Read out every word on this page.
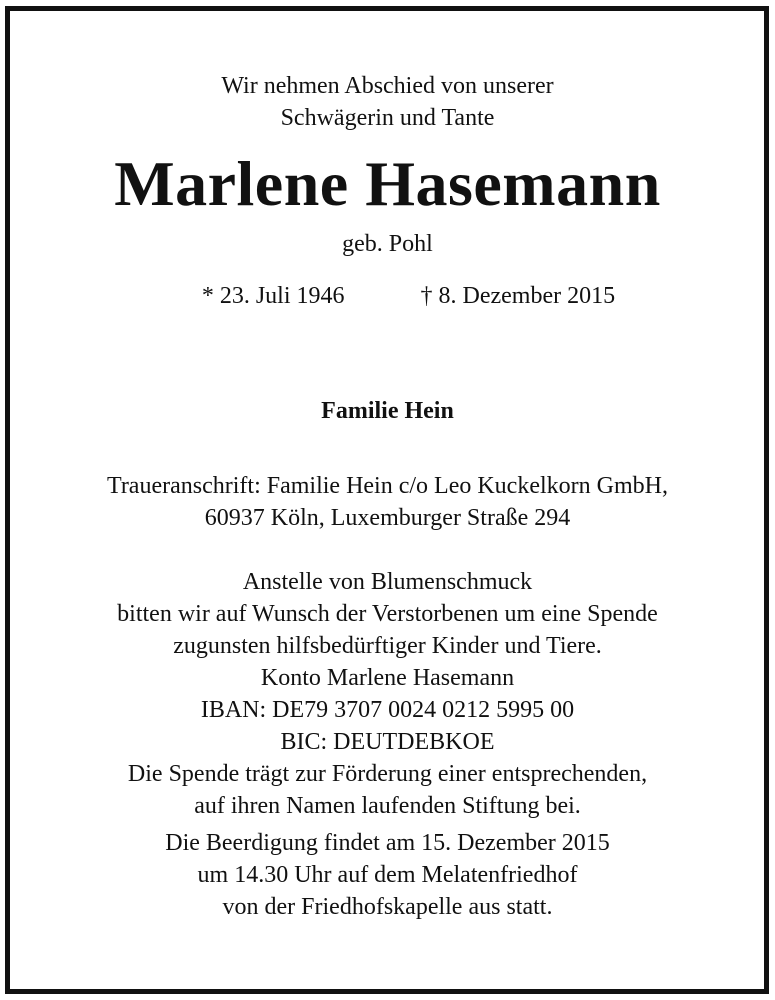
Wir nehmen Abschied von unserer
Schwägerin und Tante
Marlene Hasemann
geb. Pohl
* 23. Juli 1946	† 8. Dezember 2015
Familie Hein
Traueranschrift: Familie Hein c/o Leo Kuckelkorn GmbH,
60937 Köln, Luxemburger Straße 294
Anstelle von Blumenschmuck
bitten wir auf Wunsch der Verstorbenen um eine Spende
zugunsten hilfsbedürftiger Kinder und Tiere.
Konto Marlene Hasemann
IBAN: DE79 3707 0024 0212 5995 00
BIC: DEUTDEBKOE
Die Spende trägt zur Förderung einer entsprechenden,
auf ihren Namen laufenden Stiftung bei.
Die Beerdigung findet am 15. Dezember 2015
um 14.30 Uhr auf dem Melatenfriedhof
von der Friedhofskapelle aus statt.
